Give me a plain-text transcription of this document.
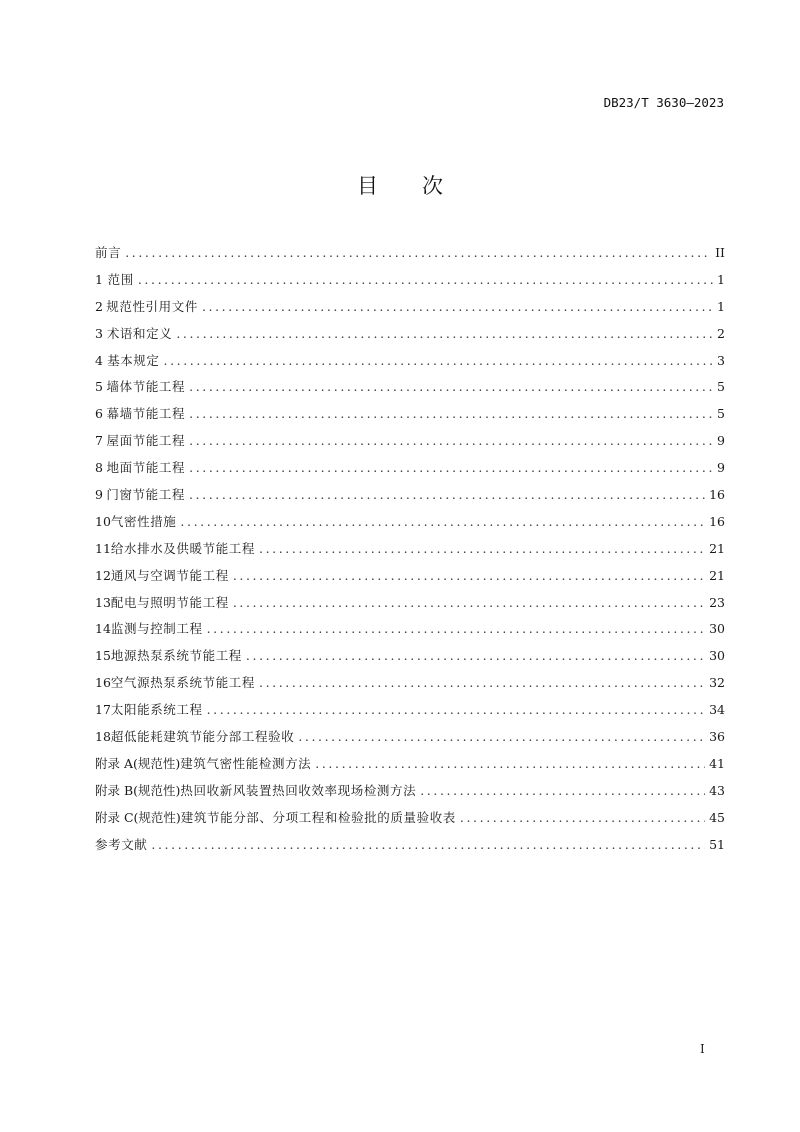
DB23/T 3630—2023
目 次
前言 .....	II
1 范围 .....	1
2 规范性引用文件 .....	1
3 术语和定义 .....	2
4 基本规定 .....	3
5 墙体节能工程 .....	5
6 幕墙节能工程 .....	5
7 屋面节能工程 .....	9
8 地面节能工程 .....	9
9 门窗节能工程 .....	16
10 气密性措施 .....	16
11 给水排水及供暖节能工程 .....	21
12 通风与空调节能工程 .....	21
13 配电与照明节能工程 .....	23
14 监测与控制工程 .....	30
15 地源热泵系统节能工程 .....	30
16 空气源热泵系统节能工程 .....	32
17 太阳能系统工程 .....	34
18 超低能耗建筑节能分部工程验收 .....	36
附录 A(规范性) 建筑气密性能检测方法 .....	41
附录 B(规范性) 热回收新风装置热回收效率现场检测方法 .....	43
附录 C(规范性) 建筑节能分部、分项工程和检验批的质量验收表 .....	45
参考文献 .....	51
I
